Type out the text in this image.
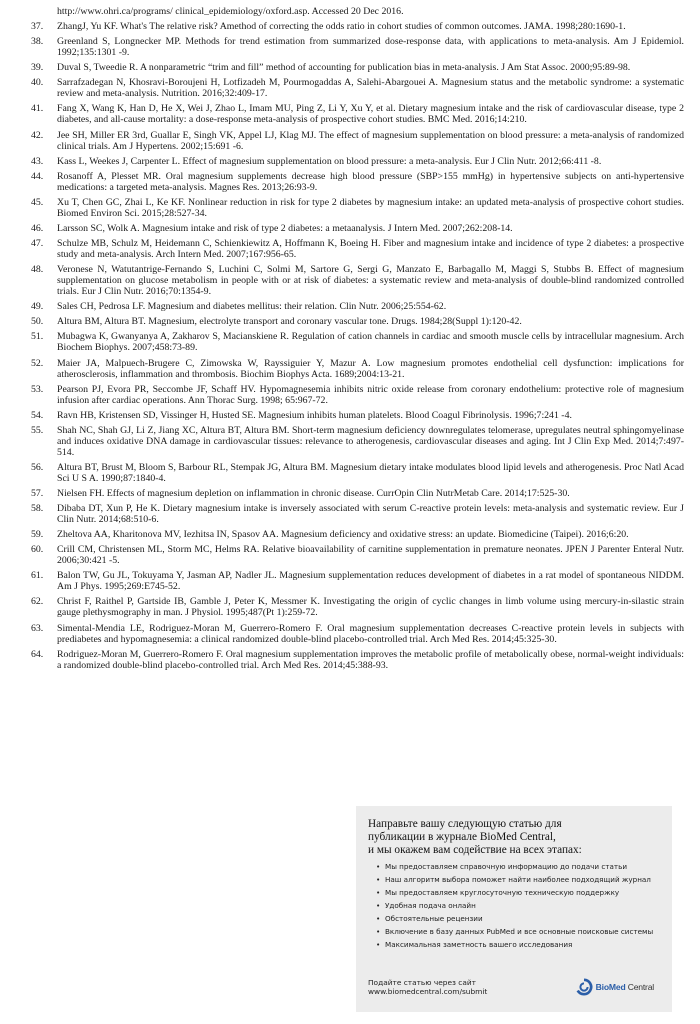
http://www.ohri.ca/programs/ clinical_epidemiology/oxford.asp. Accessed 20 Dec 2016.
37. ZhangJ, Yu KF. What's The relative risk? Amethod of correcting the odds ratio in cohort studies of common outcomes. JAMA. 1998;280:1690-1.
38. Greenland S, Longnecker MP. Methods for trend estimation from summarized dose-response data, with applications to meta-analysis. Am J Epidemiol. 1992;135:1301 -9.
39. Duval S, Tweedie R. A nonparametric “trim and fill” method of accounting for publication bias in meta-analysis. J Am Stat Assoc. 2000;95:89-98.
40. Sarrafzadegan N, Khosravi-Boroujeni H, Lotfizadeh M, Pourmogaddas A, Salehi-Abargouei A. Magnesium status and the metabolic syndrome: a systematic review and meta-analysis. Nutrition. 2016;32:409-17.
41. Fang X, Wang K, Han D, He X, Wei J, Zhao L, Imam MU, Ping Z, Li Y, Xu Y, et al. Dietary magnesium intake and the risk of cardiovascular disease, type 2 diabetes, and all-cause mortality: a dose-response meta-analysis of prospective cohort studies. BMC Med. 2016;14:210.
42. Jee SH, Miller ER 3rd, Guallar E, Singh VK, Appel LJ, Klag MJ. The effect of magnesium supplementation on blood pressure: a meta-analysis of randomized clinical trials. Am J Hypertens. 2002;15:691 -6.
43. Kass L, Weekes J, Carpenter L. Effect of magnesium supplementation on blood pressure: a meta-analysis. Eur J Clin Nutr. 2012;66:411 -8.
44. Rosanoff A, Plesset MR. Oral magnesium supplements decrease high blood pressure (SBP>155 mmHg) in hypertensive subjects on anti-hypertensive medications: a targeted meta-analysis. Magnes Res. 2013;26:93-9.
45. Xu T, Chen GC, Zhai L, Ke KF. Nonlinear reduction in risk for type 2 diabetes by magnesium intake: an updated meta-analysis of prospective cohort studies. Biomed Environ Sci. 2015;28:527-34.
46. Larsson SC, Wolk A. Magnesium intake and risk of type 2 diabetes: a metaanalysis. J Intern Med. 2007;262:208-14.
47. Schulze MB, Schulz M, Heidemann C, Schienkiewitz A, Hoffmann K, Boeing H. Fiber and magnesium intake and incidence of type 2 diabetes: a prospective study and meta-analysis. Arch Intern Med. 2007;167:956-65.
48. Veronese N, Watutantrige-Fernando S, Luchini C, Solmi M, Sartore G, Sergi G, Manzato E, Barbagallo M, Maggi S, Stubbs B. Effect of magnesium supplementation on glucose metabolism in people with or at risk of diabetes: a systematic review and meta-analysis of double-blind randomized controlled trials. Eur J Clin Nutr. 2016;70:1354-9.
49. Sales CH, Pedrosa LF. Magnesium and diabetes mellitus: their relation. Clin Nutr. 2006;25:554-62.
50. Altura BM, Altura BT. Magnesium, electrolyte transport and coronary vascular tone. Drugs. 1984;28(Suppl 1):120-42.
51. Mubagwa K, Gwanyanya A, Zakharov S, Macianskiene R. Regulation of cation channels in cardiac and smooth muscle cells by intracellular magnesium. Arch Biochem Biophys. 2007;458:73-89.
52. Maier JA, Malpuech-Brugere C, Zimowska W, Rayssiguier Y, Mazur A. Low magnesium promotes endothelial cell dysfunction: implications for atherosclerosis, inflammation and thrombosis. Biochim Biophys Acta. 1689;2004:13-21.
53. Pearson PJ, Evora PR, Seccombe JF, Schaff HV. Hypomagnesemia inhibits nitric oxide release from coronary endothelium: protective role of magnesium infusion after cardiac operations. Ann Thorac Surg. 1998; 65:967-72.
54. Ravn HB, Kristensen SD, Vissinger H, Husted SE. Magnesium inhibits human platelets. Blood Coagul Fibrinolysis. 1996;7:241 -4.
55. Shah NC, Shah GJ, Li Z, Jiang XC, Altura BT, Altura BM. Short-term magnesium deficiency downregulates telomerase, upregulates neutral sphingomyelinase and induces oxidative DNA damage in cardiovascular tissues: relevance to atherogenesis, cardiovascular diseases and aging. Int J Clin Exp Med. 2014;7:497-514.
56. Altura BT, Brust M, Bloom S, Barbour RL, Stempak JG, Altura BM. Magnesium dietary intake modulates blood lipid levels and atherogenesis. Proc Natl Acad Sci U S A. 1990;87:1840-4.
57. Nielsen FH. Effects of magnesium depletion on inflammation in chronic disease. CurrOpin Clin NutrMetab Care. 2014;17:525-30.
58. Dibaba DT, Xun P, He K. Dietary magnesium intake is inversely associated with serum C-reactive protein levels: meta-analysis and systematic review. Eur J Clin Nutr. 2014;68:510-6.
59. Zheltova AA, Kharitonova MV, Iezhitsa IN, Spasov AA. Magnesium deficiency and oxidative stress: an update. Biomedicine (Taipei). 2016;6:20.
60. Crill CM, Christensen ML, Storm MC, Helms RA. Relative bioavailability of carnitine supplementation in premature neonates. JPEN J Parenter Enteral Nutr. 2006;30:421 -5.
61. Balon TW, Gu JL, Tokuyama Y, Jasman AP, Nadler JL. Magnesium supplementation reduces development of diabetes in a rat model of spontaneous NIDDM. Am J Phys. 1995;269:E745-52.
62. Christ F, Raithel P, Gartside IB, Gamble J, Peter K, Messmer K. Investigating the origin of cyclic changes in limb volume using mercury-in-silastic strain gauge plethysmography in man. J Physiol. 1995;487(Pt 1):259-72.
63. Simental-Mendia LE, Rodriguez-Moran M, Guerrero-Romero F. Oral magnesium supplementation decreases C-reactive protein levels in subjects with prediabetes and hypomagnesemia: a clinical randomized double-blind placebo-controlled trial. Arch Med Res. 2014;45:325-30.
64. Rodriguez-Moran M, Guerrero-Romero F. Oral magnesium supplementation improves the metabolic profile of metabolically obese, normal-weight individuals: a randomized double-blind placebo-controlled trial. Arch Med Res. 2014;45:388-93.
Направьте вашу следующую статью для
публикации в журнале BioMed Central,
и мы окажем вам содействие на всех этапах:
• Мы предоставляем справочную информацию до подачи статьи
• Наш алгоритм выбора поможет найти наиболее подходящий журнал
• Мы предоставляем круглосуточную техническую поддержку
• Удобная подача онлайн
• Обстоятельные рецензии
• Включение в базу данных PubMed и все основные поисковые системы
• Максимальная заметность вашего исследования
Подайте статью через сайт
www.biomedcentral.com/submit	BioMed Central
